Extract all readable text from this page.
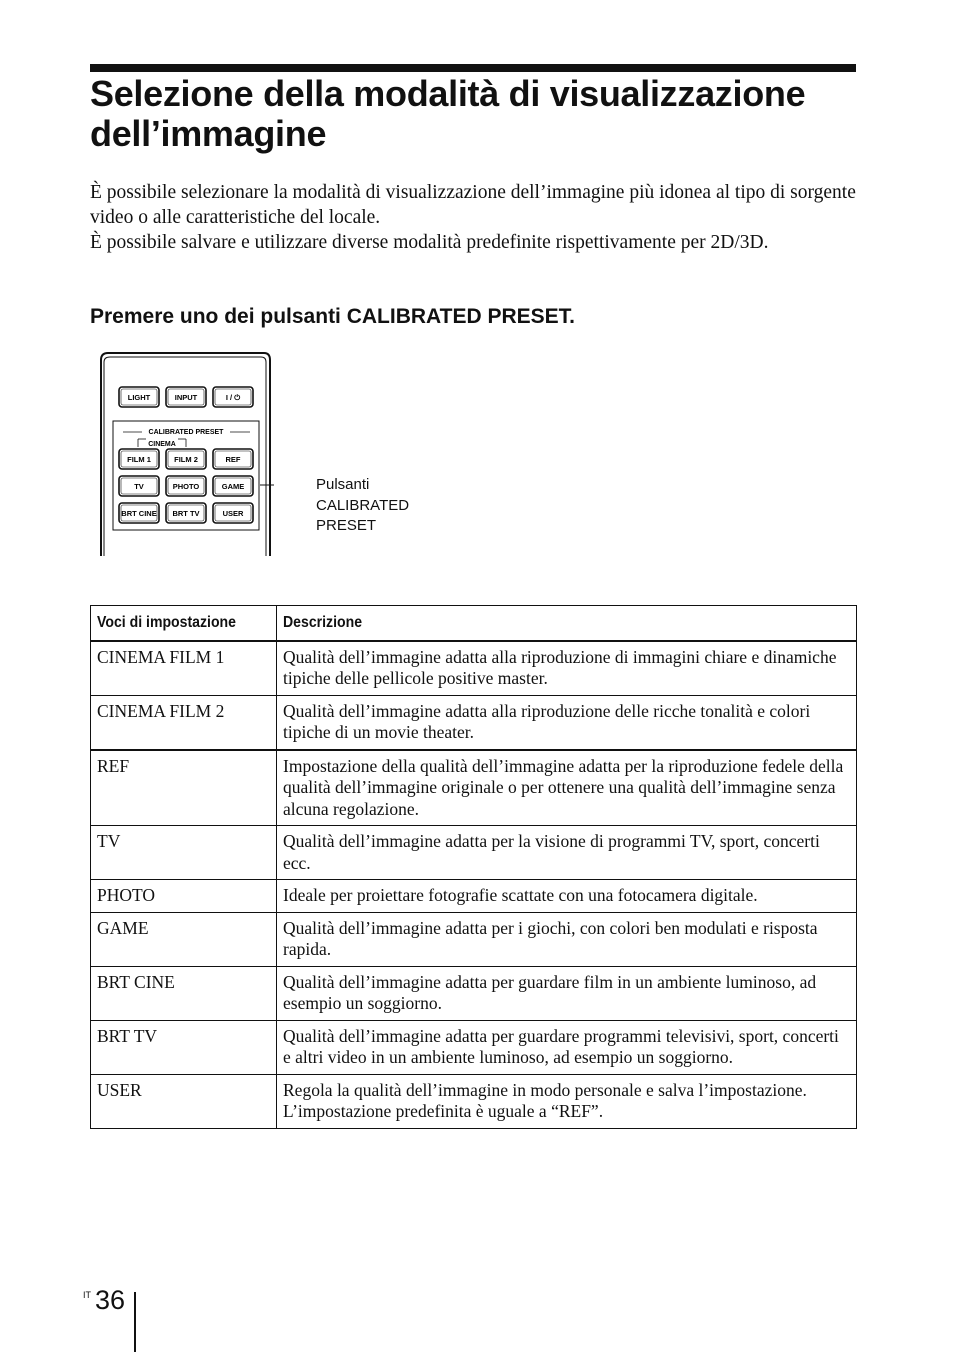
Selezione della modalità di visualizzazione dell’immagine

È possibile selezionare la modalità di visualizzazione dell’immagine più idonea al tipo di sorgente video o alle caratteristiche del locale.

È possibile salvare e utilizzare diverse modalità predefinite rispettivamente per 2D/3D.

Premere uno dei pulsanti CALIBRATED PRESET.
LIGHT	INPUT	I / ⏻
CALIBRATED PRESET
CINEMA
FILM 1	FILM 2	REF
TV	PHOTO	GAME
BRT CINE BRT TV	USER
Pulsanti
CALIBRATED
PRESET
Voci di impostazione	Descrizione
CINEMA FILM 1	Qualità dell’immagine adatta alla riproduzione di immagini chiare e dinamiche tipiche delle pellicole positive master.
CINEMA FILM 2	Qualità dell’immagine adatta alla riproduzione delle ricche tonalità e colori tipiche di un movie theater.
REF	Impostazione della qualità dell’immagine adatta per la riproduzione fedele della qualità dell’immagine originale o per ottenere una qualità dell’immagine senza alcuna regolazione.
TV	Qualità dell’immagine adatta per la visione di programmi TV, sport, concerti ecc.
PHOTO	Ideale per proiettare fotografie scattate con una fotocamera digitale.
GAME	Qualità dell’immagine adatta per i giochi, con colori ben modulati e risposta rapida.
BRT CINE	Qualità dell’immagine adatta per guardare film in un ambiente luminoso, ad esempio un soggiorno.
BRT TV	Qualità dell’immagine adatta per guardare programmi televisivi, sport, concerti e altri video in un ambiente luminoso, ad esempio un soggiorno.
USER	Regola la qualità dell’immagine in modo personale e salva l’impostazione. L’impostazione predefinita è uguale a “REF”.
IT 36
